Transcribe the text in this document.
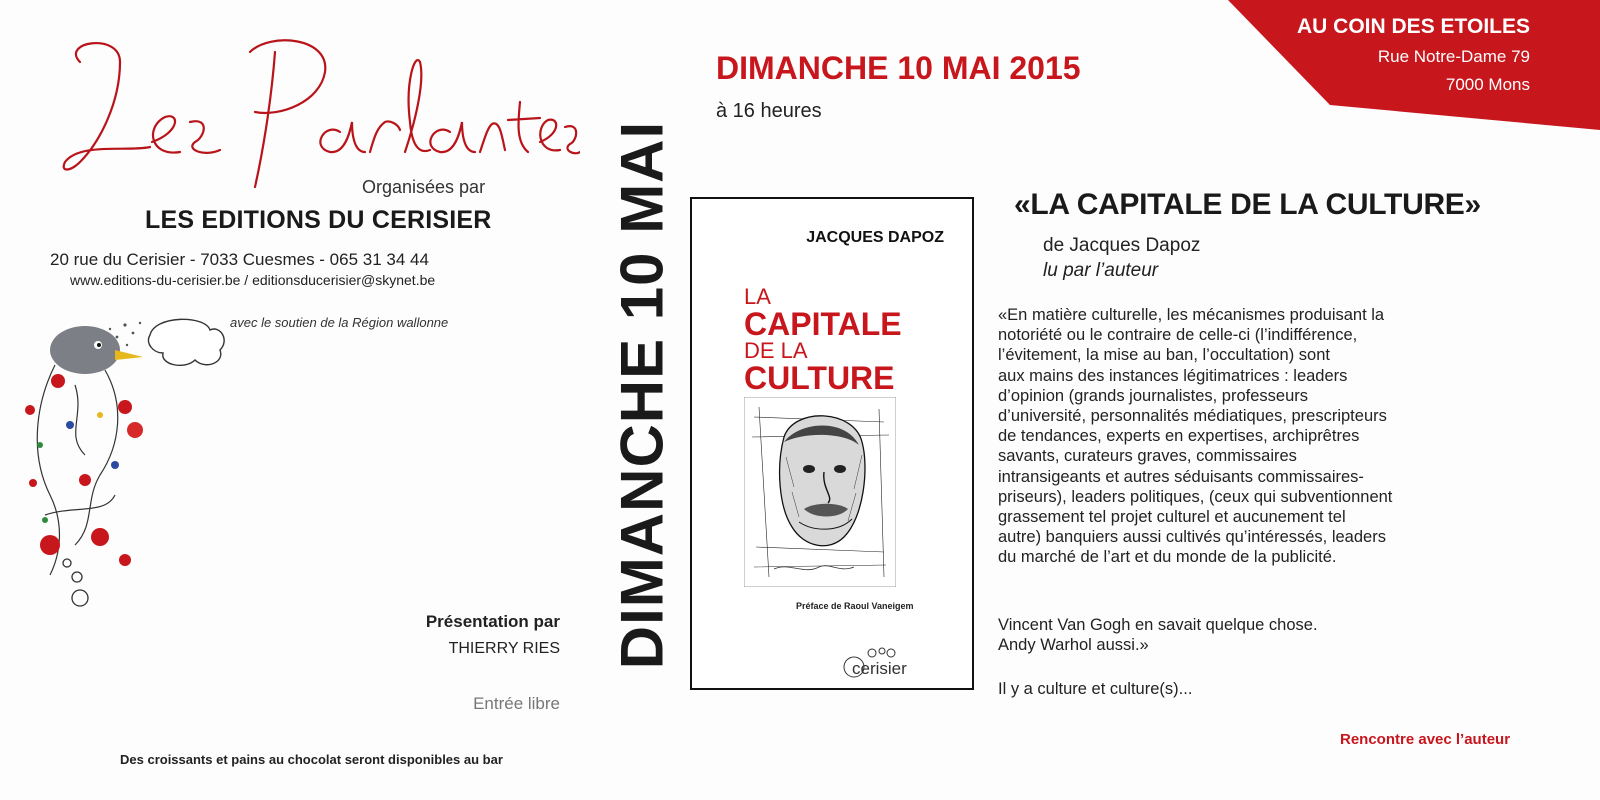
Organisées par
LES EDITIONS DU CERISIER
20 rue du Cerisier - 7033 Cuesmes - 065 31 34 44
www.editions-du-cerisier.be / editionsducerisier@skynet.be
avec le soutien de la Région wallonne
Présentation par
THIERRY RIES
Entrée libre
Des croissants et pains au chocolat seront disponibles au bar
DIMANCHE 10 MAI
DIMANCHE 10 MAI 2015
à 16 heures
AU COIN DES ETOILES
Rue Notre-Dame 79
7000 Mons
JACQUES DAPOZ
LA
CAPITALE
DE LA
CULTURE
Préface de Raoul Vaneigem
cerisier
«LA CAPITALE DE LA CULTURE»
de Jacques Dapoz
lu par l’auteur
«En matière culturelle, les mécanismes produisant la
notoriété ou le contraire de celle-ci (l’indifférence,
l’évitement, la mise au ban, l’occultation) sont
aux mains des instances légitimatrices : leaders
d’opinion (grands journalistes, professeurs
d’université, personnalités médiatiques, prescripteurs
de tendances, experts en expertises, archiprêtres
savants, curateurs graves, commissaires
intransigeants et autres séduisants commissaires-
priseurs), leaders politiques, (ceux qui subventionnent
grassement tel projet culturel et aucunement tel
autre) banquiers aussi cultivés qu’intéressés, leaders
du marché de l’art et du monde de la publicité.
Vincent Van Gogh en savait quelque chose.
Andy Warhol aussi.»
Il y a culture et culture(s)...
Rencontre avec l’auteur
